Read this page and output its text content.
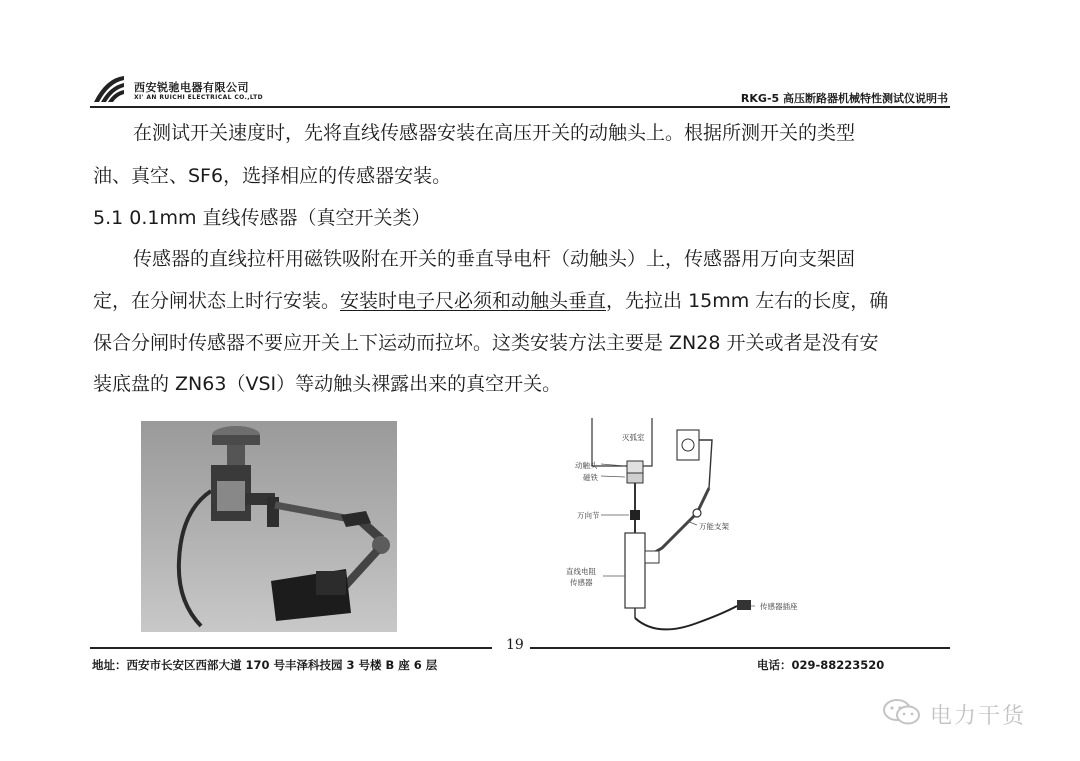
西安锐驰电器有限公司
XI' AN RUICHI ELECTRICAL CO.,LTD	RKG-5 高压断路器机械特性测试仪说明书
在测试开关速度时，先将直线传感器安装在高压开关的动触头上。根据所测开关的类型
油、真空、SF6，选择相应的传感器安装。
5.1 0.1mm 直线传感器（真空开关类）
传感器的直线拉杆用磁铁吸附在开关的垂直导电杆（动触头）上，传感器用万向支架固
定，在分闸状态上时行安装。安装时电子尺必须和动触头垂直，先拉出 15mm 左右的长度，确
保合分闸时传感器不要应开关上下运动而拉坏。这类安装方法主要是 ZN28 开关或者是没有安
装底盘的 ZN63（VSI）等动触头裸露出来的真空开关。
灭弧室
动触头
磁铁
万向节
万能支架
直线电阻
传感器
传感器插座
19
地址：西安市长安区西部大道 170 号丰泽科技园 3 号楼 B 座 6 层	电话：029-88223520
电力干货
